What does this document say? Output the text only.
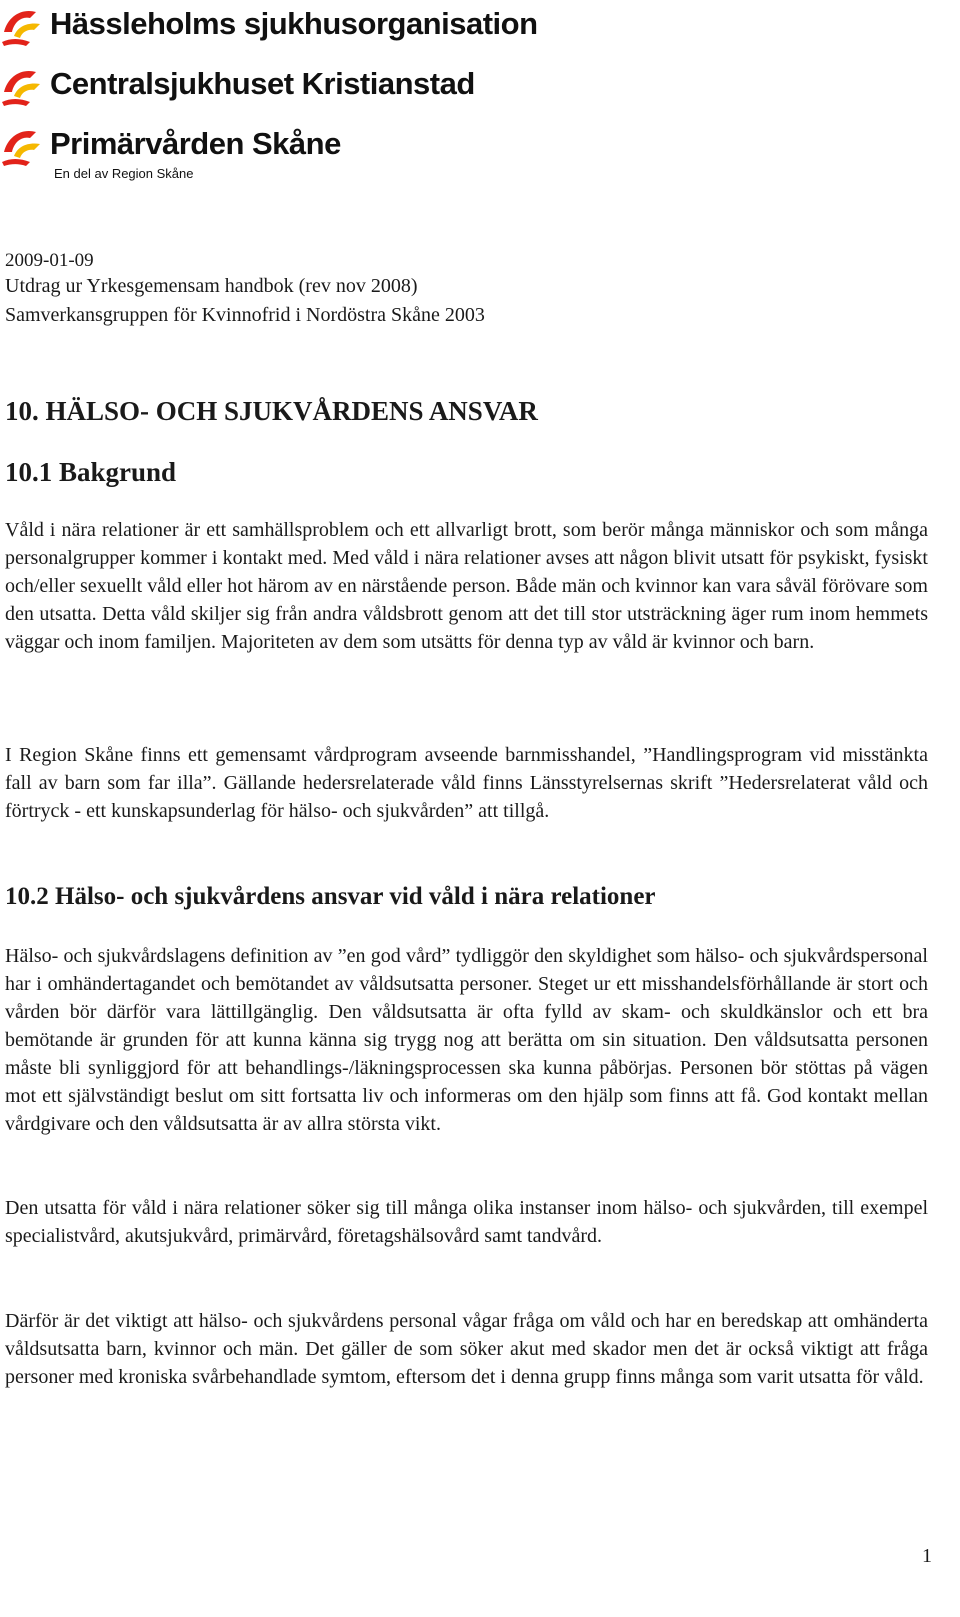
Hässleholms sjukhusorganisation
Centralsjukhuset Kristianstad
Primärvården Skåne
En del av Region Skåne
2009-01-09
Utdrag ur Yrkesgemensam handbok (rev nov 2008)
Samverkansgruppen för Kvinnofrid i Nordöstra Skåne 2003
10. HÄLSO- OCH SJUKVÅRDENS ANSVAR
10.1 Bakgrund

Våld i nära relationer är ett samhällsproblem och ett allvarligt brott, som berör många människor och som många personalgrupper kommer i kontakt med. Med våld i nära relationer avses att någon blivit utsatt för psykiskt, fysiskt och/eller sexuellt våld eller hot härom av en närstående person. Både män och kvinnor kan vara såväl förövare som den utsatta. Detta våld skiljer sig från andra våldsbrott genom att det till stor utsträckning äger rum inom hemmets väggar och inom familjen. Majoriteten av dem som utsätts för denna typ av våld är kvinnor och barn.

I Region Skåne finns ett gemensamt vårdprogram avseende barnmisshandel, ”Handlingsprogram vid misstänkta fall av barn som far illa”. Gällande hedersrelaterade våld finns Länsstyrelsernas skrift ”Hedersrelaterat våld och förtryck - ett kunskapsunderlag för hälso- och sjukvården” att tillgå.

10.2 Hälso- och sjukvårdens ansvar vid våld i nära relationer

Hälso- och sjukvårdslagens definition av ”en god vård” tydliggör den skyldighet som hälso- och sjukvårdspersonal har i omhändertagandet och bemötandet av våldsutsatta personer. Steget ur ett misshandelsförhållande är stort och vården bör därför vara lättillgänglig. Den våldsutsatta är ofta fylld av skam- och skuldkänslor och ett bra bemötande är grunden för att kunna känna sig trygg nog att berätta om sin situation. Den våldsutsatta personen måste bli synliggjord för att behandlings-/läkningsprocessen ska kunna påbörjas. Personen bör stöttas på vägen mot ett självständigt beslut om sitt fortsatta liv och informeras om den hjälp som finns att få. God kontakt mellan vårdgivare och den våldsutsatta är av allra största vikt.

Den utsatta för våld i nära relationer söker sig till många olika instanser inom hälso- och sjukvården, till exempel specialistvård, akutsjukvård, primärvård, företagshälsovård samt tandvård.

Därför är det viktigt att hälso- och sjukvårdens personal vågar fråga om våld och har en beredskap att omhänderta våldsutsatta barn, kvinnor och män. Det gäller de som söker akut med skador men det är också viktigt att fråga personer med kroniska svårbehandlade symtom, eftersom det i denna grupp finns många som varit utsatta för våld.

1
